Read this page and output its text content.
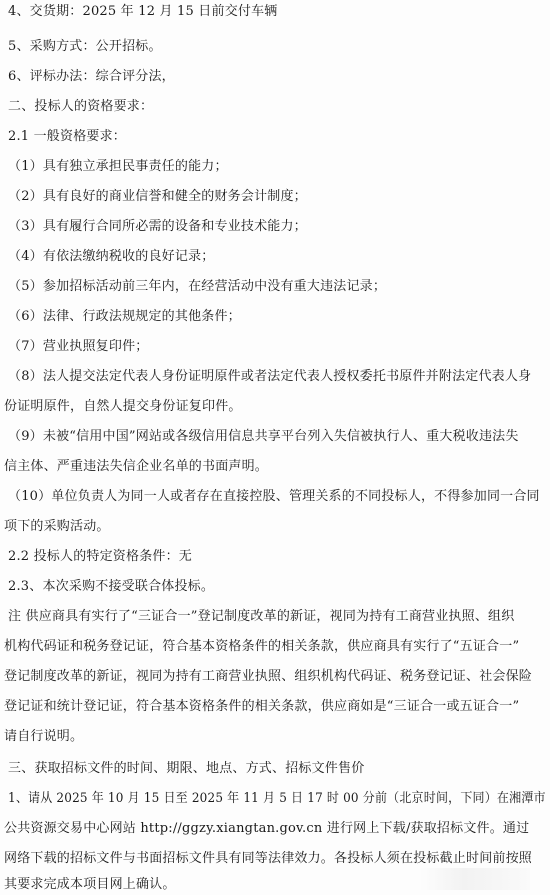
4、交货期：2025 年 12 月 15 日前交付车辆
5、采购方式：公开招标。
6、评标办法：综合评分法，
二、投标人的资格要求：
2.1 一般资格要求：
（1）具有独立承担民事责任的能力；
（2）具有良好的商业信誉和健全的财务会计制度；
（3）具有履行合同所必需的设备和专业技术能力；
（4）有依法缴纳税收的良好记录；
（5）参加招标活动前三年内，在经营活动中没有重大违法记录；
（6）法律、行政法规规定的其他条件；
（7）营业执照复印件；
（8）法人提交法定代表人身份证明原件或者法定代表人授权委托书原件并附法定代表人身
份证明原件，自然人提交身份证复印件。
（9）未被“信用中国”网站或各级信用信息共享平台列入失信被执行人、重大税收违法失
信主体、严重违法失信企业名单的书面声明。
（10）单位负责人为同一人或者存在直接控股、管理关系的不同投标人，不得参加同一合同
项下的采购活动。
2.2 投标人的特定资格条件：无
2.3、本次采购不接受联合体投标。
注 供应商具有实行了“三证合一”登记制度改革的新证，视同为持有工商营业执照、组织
机构代码证和税务登记证，符合基本资格条件的相关条款，供应商具有实行了“五证合一”
登记制度改革的新证，视同为持有工商营业执照、组织机构代码证、税务登记证、社会保险
登记证和统计登记证，符合基本资格条件的相关条款，供应商如是“三证合一或五证合一”
请自行说明。
三、获取招标文件的时间、期限、地点、方式、招标文件售价
1、请从 2025 年 10 月 15 日至 2025 年 11 月 5 日 17 时 00 分前（北京时间，下同）在湘潭市
公共资源交易中心网站 http://ggzy.xiangtan.gov.cn 进行网上下载/获取招标文件。通过
网络下载的招标文件与书面招标文件具有同等法律效力。各投标人须在投标截止时间前按照
其要求完成本项目网上确认。
